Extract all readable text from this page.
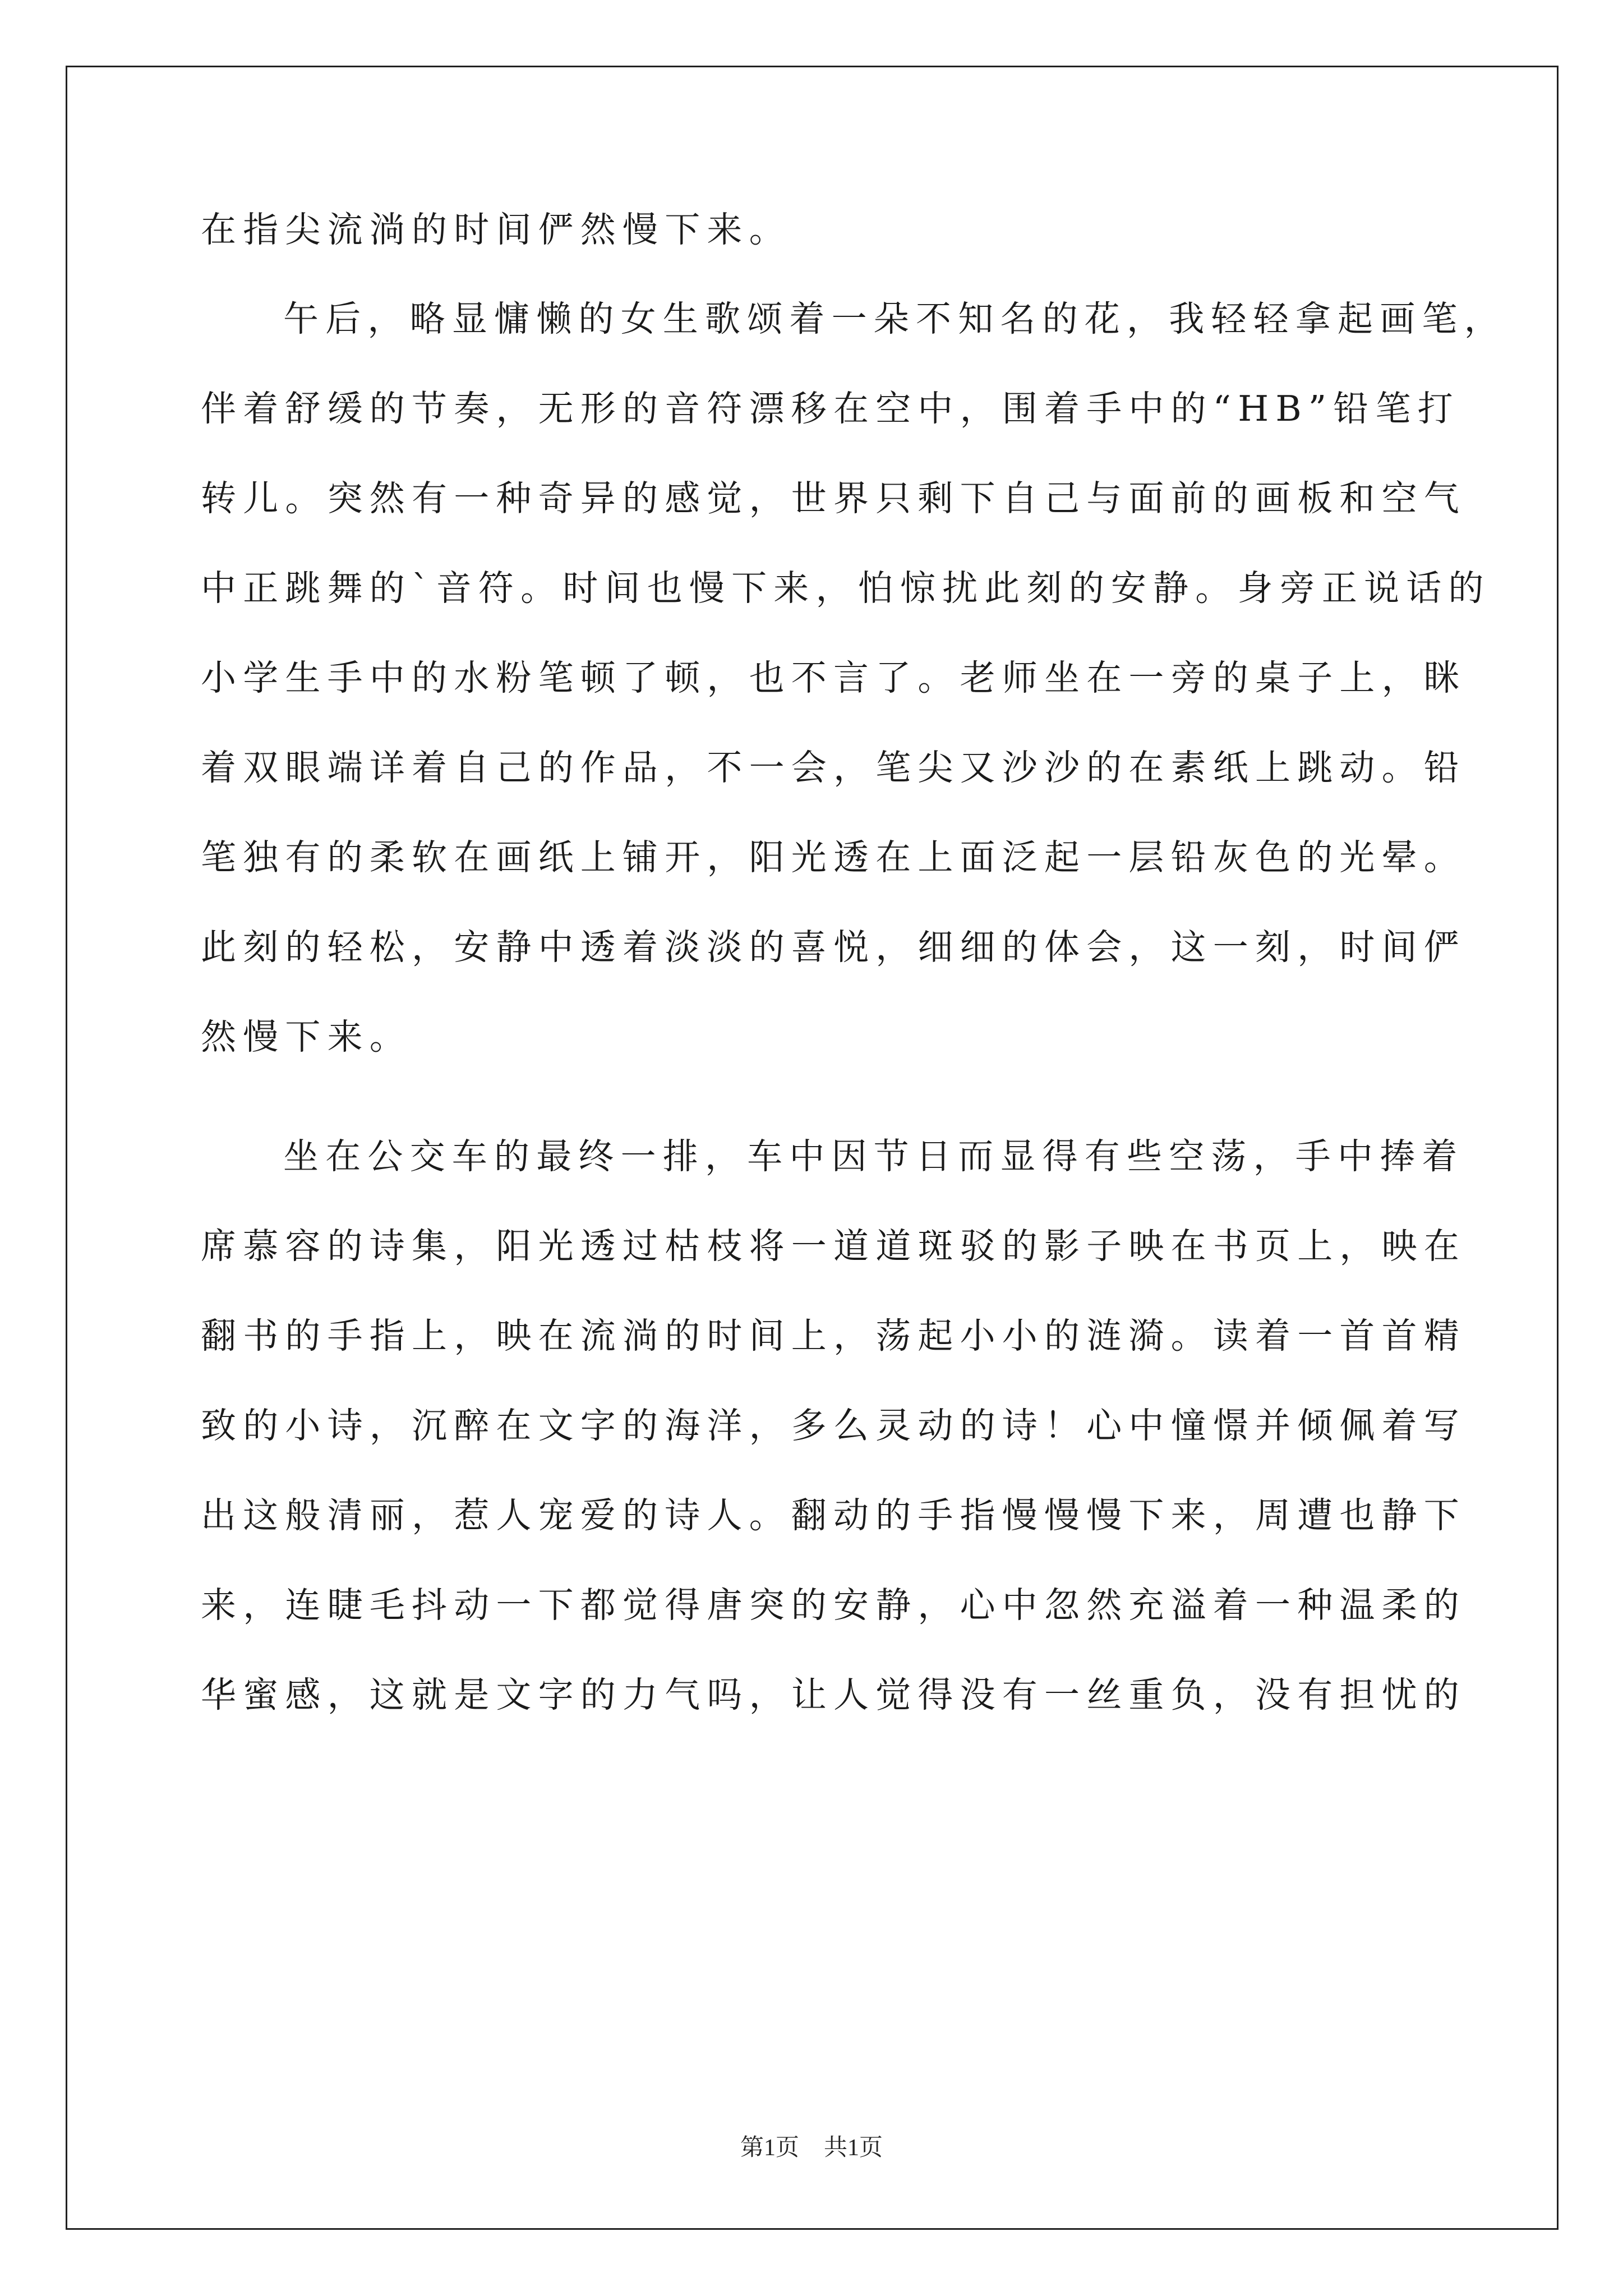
在指尖流淌的时间俨然慢下来。
午后，略显慵懒的女生歌颂着一朵不知名的花，我轻轻拿起画笔，
伴着舒缓的节奏，无形的音符漂移在空中，围着手中的“HB”铅笔打
转儿。突然有一种奇异的感觉，世界只剩下自己与面前的画板和空气
中正跳舞的`音符。时间也慢下来，怕惊扰此刻的安静。身旁正说话的
小学生手中的水粉笔顿了顿，也不言了。老师坐在一旁的桌子上，眯
着双眼端详着自己的作品，不一会，笔尖又沙沙的在素纸上跳动。铅
笔独有的柔软在画纸上铺开，阳光透在上面泛起一层铅灰色的光晕。
此刻的轻松，安静中透着淡淡的喜悦，细细的体会，这一刻，时间俨
然慢下来。
坐在公交车的最终一排，车中因节日而显得有些空荡，手中捧着
席慕容的诗集，阳光透过枯枝将一道道斑驳的影子映在书页上，映在
翻书的手指上，映在流淌的时间上，荡起小小的涟漪。读着一首首精
致的小诗，沉醉在文字的海洋，多么灵动的诗！心中憧憬并倾佩着写
出这般清丽，惹人宠爱的诗人。翻动的手指慢慢慢下来，周遭也静下
来，连睫毛抖动一下都觉得唐突的安静，心中忽然充溢着一种温柔的
华蜜感，这就是文字的力气吗，让人觉得没有一丝重负，没有担忧的
第1页 共1页
